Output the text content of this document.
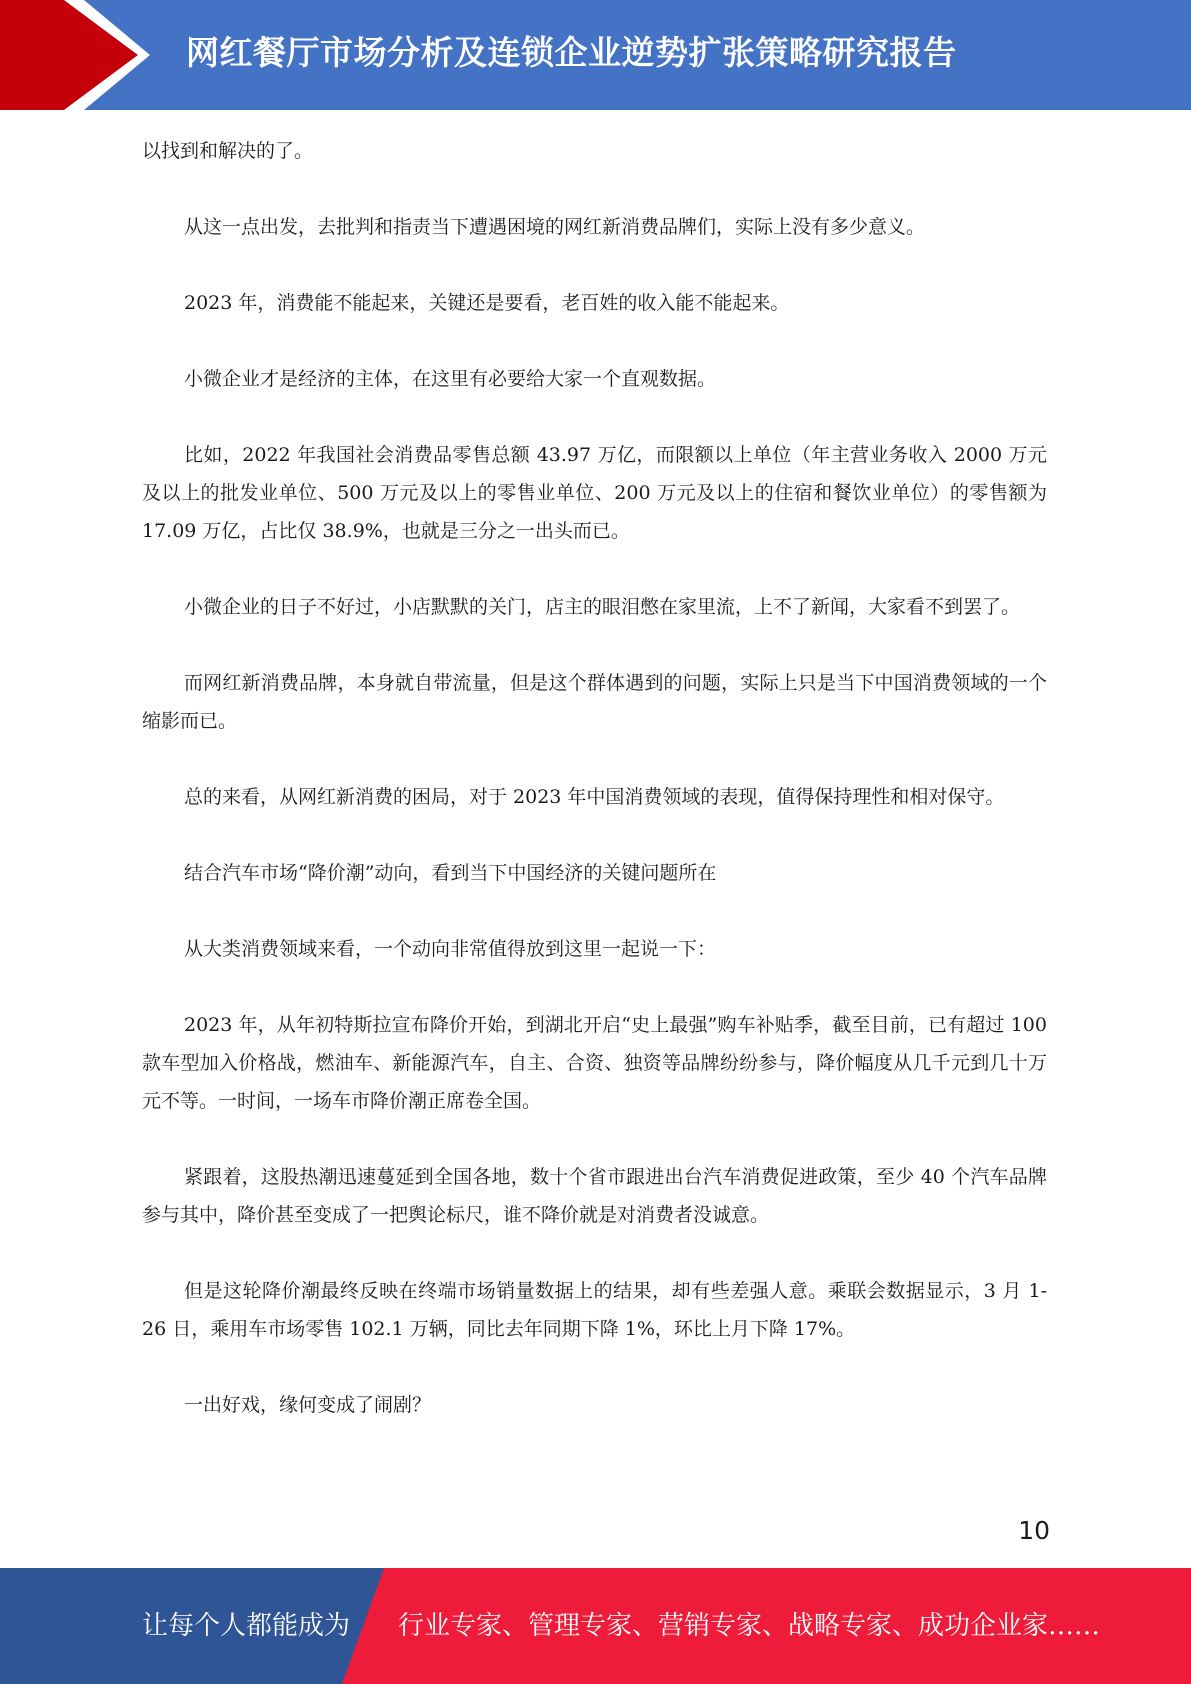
网红餐厅市场分析及连锁企业逆势扩张策略研究报告

以找到和解决的了。

从这一点出发，去批判和指责当下遭遇困境的网红新消费品牌们，实际上没有多少意义。

2023 年，消费能不能起来，关键还是要看，老百姓的收入能不能起来。

小微企业才是经济的主体，在这里有必要给大家一个直观数据。

比如，2022 年我国社会消费品零售总额 43.97 万亿，而限额以上单位（年主营业务收入 2000 万元及以上的批发业单位、500 万元及以上的零售业单位、200 万元及以上的住宿和餐饮业单位）的零售额为 17.09 万亿，占比仅 38.9%，也就是三分之一出头而已。

小微企业的日子不好过，小店默默的关门，店主的眼泪憋在家里流，上不了新闻，大家看不到罢了。

而网红新消费品牌，本身就自带流量，但是这个群体遇到的问题，实际上只是当下中国消费领域的一个缩影而已。

总的来看，从网红新消费的困局，对于 2023 年中国消费领域的表现，值得保持理性和相对保守。

结合汽车市场“降价潮”动向，看到当下中国经济的关键问题所在

从大类消费领域来看，一个动向非常值得放到这里一起说一下：

2023 年，从年初特斯拉宣布降价开始，到湖北开启“史上最强”购车补贴季，截至目前，已有超过 100 款车型加入价格战，燃油车、新能源汽车，自主、合资、独资等品牌纷纷参与，降价幅度从几千元到几十万元不等。一时间，一场车市降价潮正席卷全国。

紧跟着，这股热潮迅速蔓延到全国各地，数十个省市跟进出台汽车消费促进政策，至少 40 个汽车品牌参与其中，降价甚至变成了一把舆论标尺，谁不降价就是对消费者没诚意。

但是这轮降价潮最终反映在终端市场销量数据上的结果，却有些差强人意。乘联会数据显示，3 月 1-26 日，乘用车市场零售 102.1 万辆，同比去年同期下降 1%，环比上月下降 17%。

一出好戏，缘何变成了闹剧？

10
让每个人都能成为 行业专家、管理专家、营销专家、战略专家、成功企业家……
